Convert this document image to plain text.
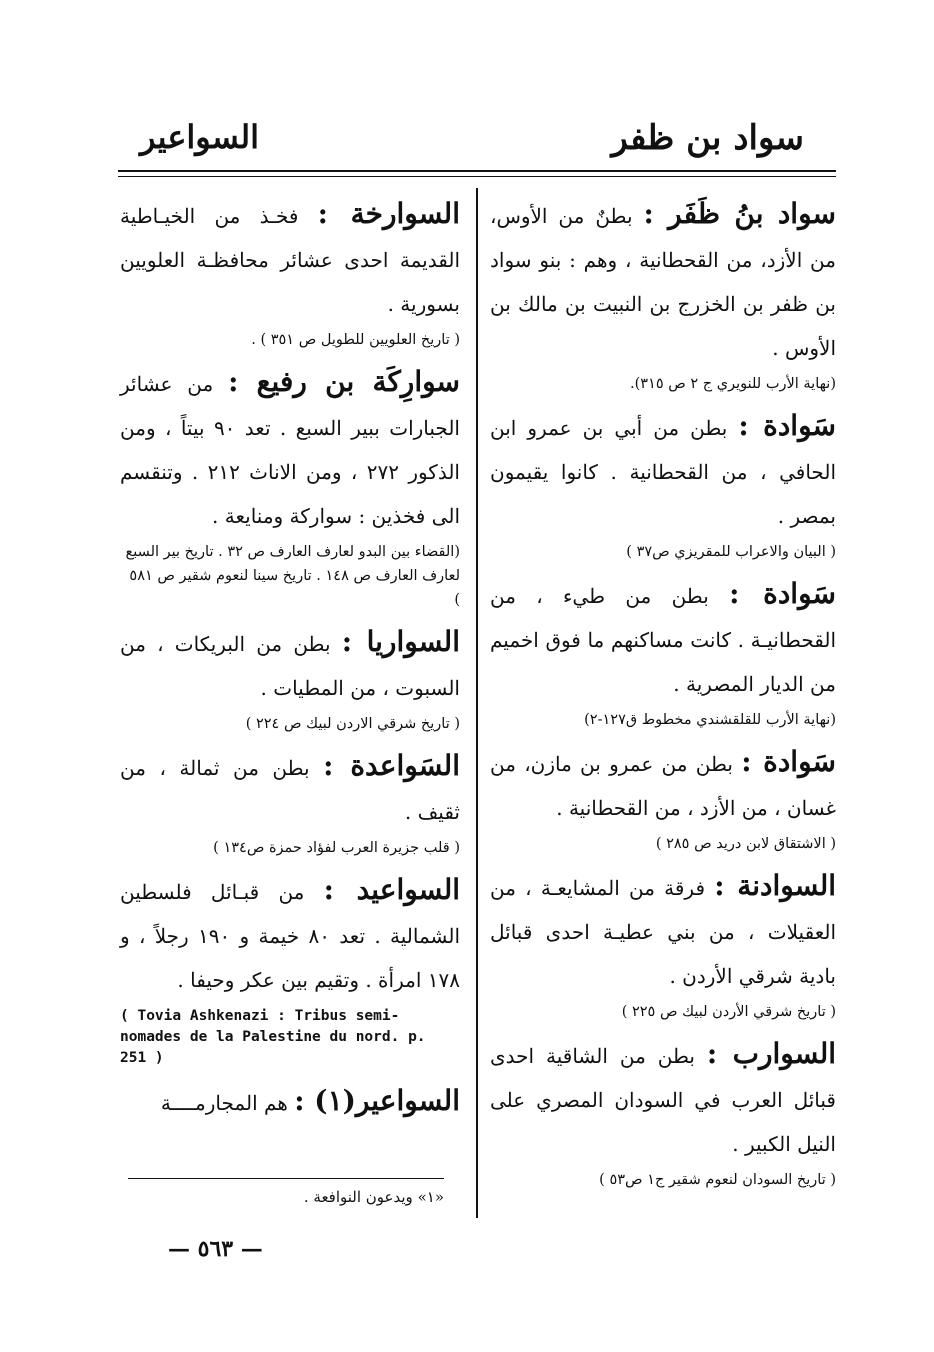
سواد بن ظفر
السواعير

سواد بنُ ظَفَر : بطنٌ من الأوس، من الأزد، من القحطانية ، وهم : بنو سواد بن ظفر بن الخزرج بن النبيت بن مالك بن الأوس .

(نهاية الأرب للنويري ج ٢ ص ٣١٥).

سَوادة : بطن من أبي بن عمرو ابن الحافي ، من القحطانية . كانوا يقيمون بمصر .

( البيان والاعراب للمقريزي ص٣٧ )

سَوادة : بطن من طيء ، من القحطانيـة . كانت مساكنهم ما فوق اخميم من الديار المصرية .

(نهاية الأرب للقلقشندي مخطوط ق١٢٧-٢)

سَوادة : بطن من عمرو بن مازن، من غسان ، من الأزد ، من القحطانية .

( الاشتقاق لابن دريد ص ٢٨٥ )

السوادنة : فرقة من المشايعـة ، من العقيلات ، من بني عطيـة احدى قبائل بادية شرقي الأردن .

( تاريخ شرقي الأردن لبيك ص ٢٢٥ )

السوارب : بطن من الشاقية احدى قبائل العرب في السودان المصري على النيل الكبير .

( تاريخ السودان لنعوم شقير ج١ ص٥٣ )

السوارخة : فخـذ من الخيـاطية القديمة احدى عشائر محافظـة العلويين بسورية .

( تاريخ العلويين للطويل ص ٣٥١ ) .

سوارِكَة بن رفيع : من عشائر الجبارات ببير السبع . تعد ٩٠ بيتاً ، ومن الذكور ٢٧٢ ، ومن الاناث ٢١٢ . وتنقسم الى فخذين : سواركة ومنايعة .

(القضاء بين البدو لعارف العارف ص ٣٢ . تاريخ بير السبع لعارف العارف ص ١٤٨ . تاريخ سينا لنعوم شقير ص ٥٨١ )

السواريا : بطن من البريكات ، من السبوت ، من المطيات .

( تاريخ شرقي الاردن لبيك ص ٢٢٤ )

السَواعدة : بطن من ثمالة ، من ثقيف .

( قلب جزيرة العرب لفؤاد حمزة ص١٣٤ )

السواعيد : من قبـائل فلسطين الشمالية . تعد ٨٠ خيمة و ١٩٠ رجلاً ، و ١٧٨ امرأة . وتقيم بين عكر وحيفا .

( Tovia Ashkenazi : Tribus semi-nomades de la Palestine du nord. p. 251 )

السواعير(١) : هم المجارمــــة

«١» ويدعون النوافعة .
— ٥٦٣ —
